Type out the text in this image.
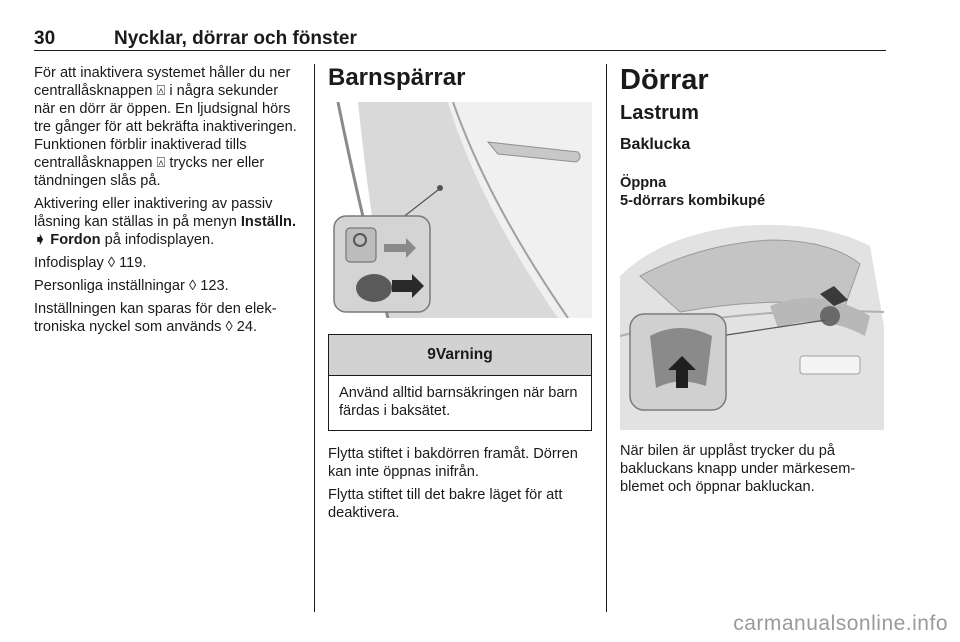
30	Nycklar, dörrar och fönster

För att inaktivera systemet håller du ner centrallåsknappen ⍓ i några sekunder när en dörr är öppen. En ljudsignal hörs tre gånger för att bekräfta inaktiveringen. Funktionen förblir inaktiverad tills centrallåsknappen ⍓ trycks ner eller tändningen slås på.

Aktivering eller inaktivering av passiv låsning kan ställas in på menyn Inställn. ➧ Fordon på infodisplayen.

Infodisplay ◊ 119.

Personliga inställningar ◊ 123.

Inställningen kan sparas för den elektroniska nyckel som används ◊ 24.

Barnspärrar
9Varning
Använd alltid barnsäkringen när barn färdas i baksätet.

Flytta stiftet i bakdörren framåt. Dörren kan inte öppnas inifrån.

Flytta stiftet till det bakre läget för att deaktivera.

Dörrar
Lastrum
Baklucka
Öppna
5-dörrars kombikupé

När bilen är upplåst trycker du på bakluckans knapp under märkesemblemet och öppnar bakluckan.

carmanualsonline.info
